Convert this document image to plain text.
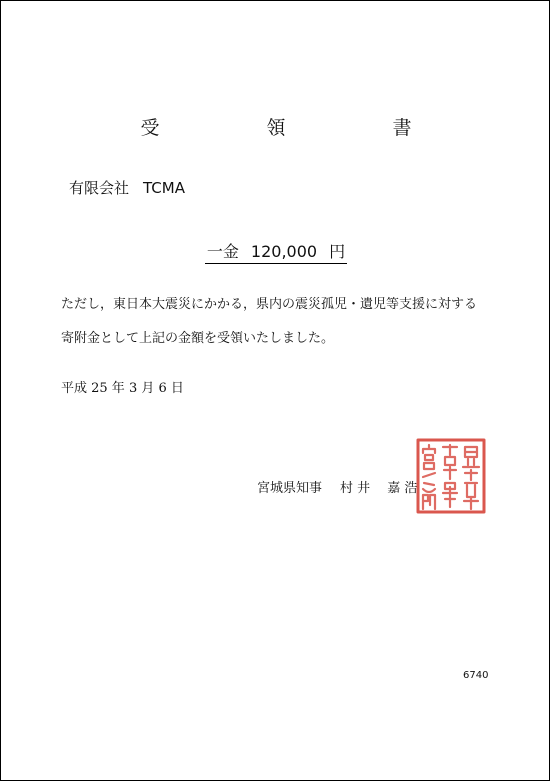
受　領　書
有限会社 TCMA
一金 120,000 円
ただし，東日本大震災にかかる，県内の震災孤児・遺児等支援に対する
寄附金として上記の金額を受領いたしました。
平成 25 年 3 月 6 日
宮城県知事 村 井　 嘉 浩
6740
